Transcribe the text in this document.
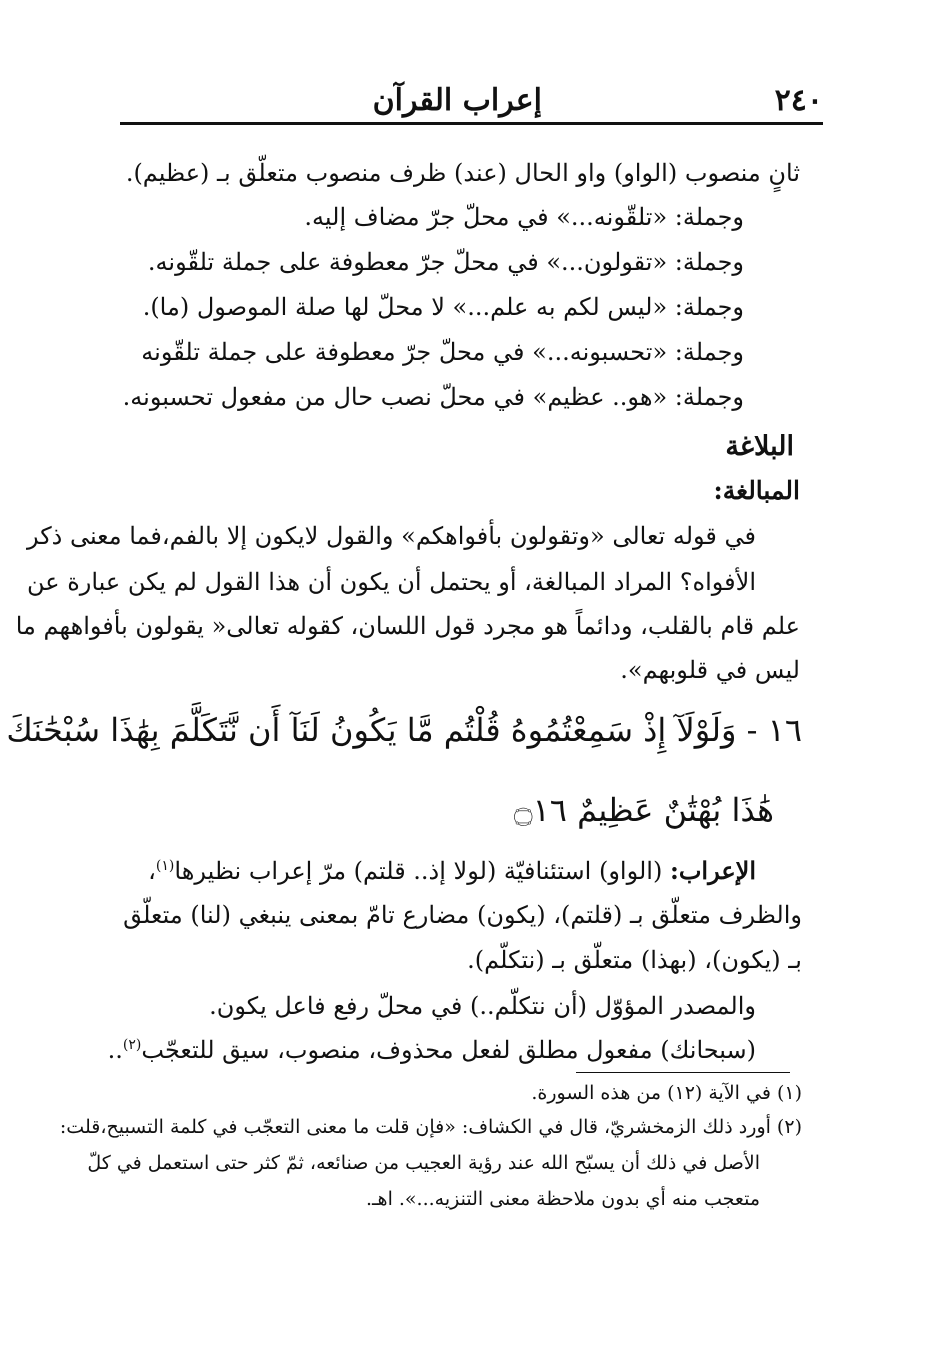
٢٤٠
إعراب القرآن
ثانٍ منصوب (الواو) واو الحال (عند) ظرف منصوب متعلّق بـ (عظيم).
وجملة: «تلقّونه...» في محلّ جرّ مضاف إليه.
وجملة: «تقولون...» في محلّ جرّ معطوفة على جملة تلقّونه.
وجملة: «ليس لكم به علم...» لا محلّ لها صلة الموصول (ما).
وجملة: «تحسبونه...» في محلّ جرّ معطوفة على جملة تلقّونه
وجملة: «هو.. عظيم» في محلّ نصب حال من مفعول تحسبونه.
البلاغة
المبالغة:
في قوله تعالى «وتقولون بأفواهكم» والقول لايكون إلا بالفم،فما معنى ذكر
الأفواه؟ المراد المبالغة، أو يحتمل أن يكون أن هذا القول لم يكن عبارة عن
علم قام بالقلب، ودائماً هو مجرد قول اللسان، كقوله تعالى« يقولون بأفواههم ما
ليس في قلوبهم».
١٦ - وَلَوْلَآ إِذْ سَمِعْتُمُوهُ قُلْتُم مَّا يَكُونُ لَنَآ أَن نَّتَكَلَّمَ بِهَٰذَا سُبْحَٰنَكَ
هَٰذَا بُهْتَٰنٌ عَظِيمٌ ۝١٦
الإعراب: (الواو) استئنافيّة (لولا إذ.. قلتم) مرّ إعراب نظيرها$^{(١)}$،
والظرف متعلّق بـ (قلتم)، (يكون) مضارع تامّ بمعنى ينبغي (لنا) متعلّق
بـ (يكون)، (بهذا) متعلّق بـ (نتكلّم).
والمصدر المؤوّل (أن نتكلّم..) في محلّ رفع فاعل يكون.
(سبحانك) مفعول مطلق لفعل محذوف، منصوب، سيق للتعجّب$^{(٢)}$..
(١) في الآية (١٢) من هذه السورة.
(٢) أورد ذلك الزمخشريّ، قال في الكشاف: «فإن قلت ما معنى التعجّب في كلمة التسبيح،قلت:
الأصل في ذلك أن يسبّح الله عند رؤية العجيب من صنائعه، ثمّ كثر حتى استعمل في كلّ
متعجب منه أي بدون ملاحظة معنى التنزيه...». اهـ.
